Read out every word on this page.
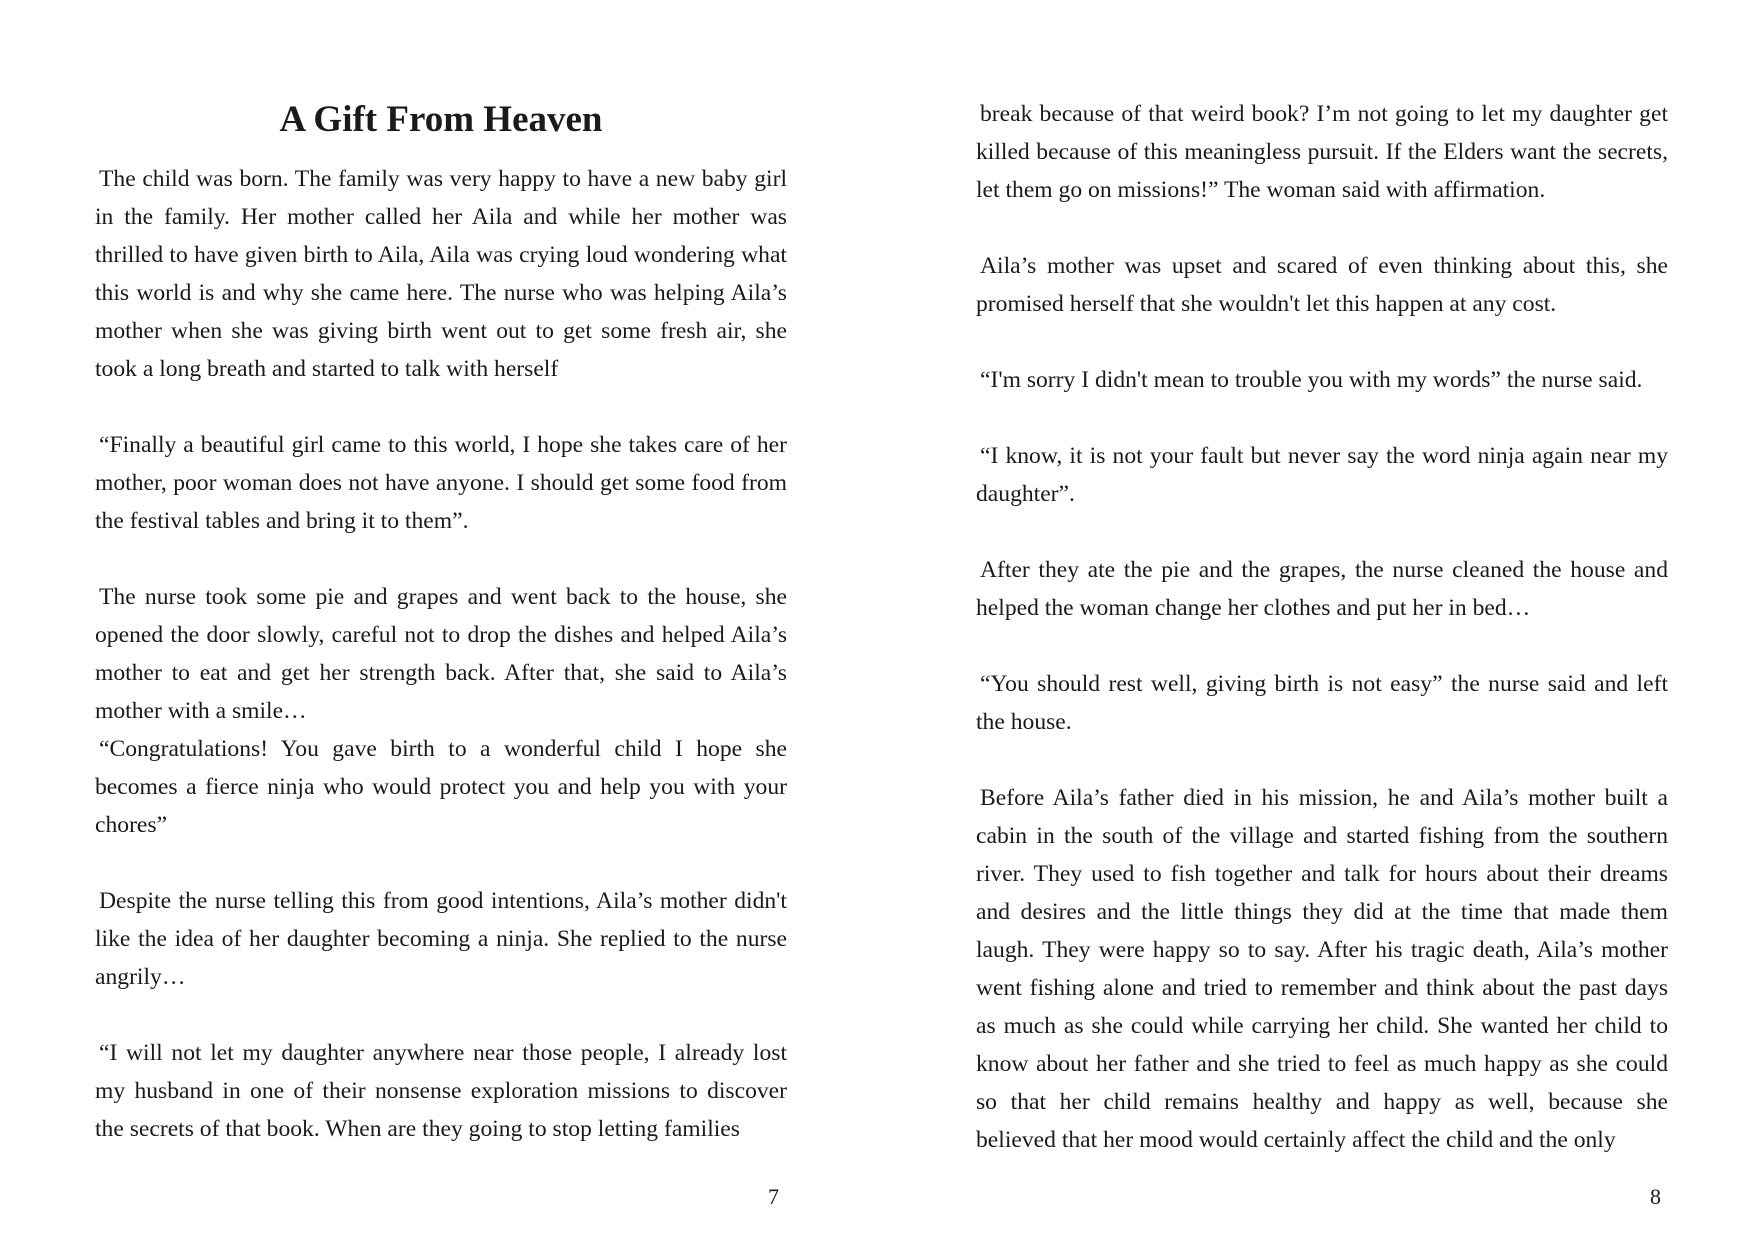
A Gift From Heaven

The child was born. The family was very happy to have a new baby girl in the family. Her mother called her Aila and while her mother was thrilled to have given birth to Aila, Aila was crying loud wondering what this world is and why she came here. The nurse who was helping Aila’s mother when she was giving birth went out to get some fresh air, she took a long breath and started to talk with herself

“Finally a beautiful girl came to this world, I hope she takes care of her mother, poor woman does not have anyone. I should get some food from the festival tables and bring it to them”.

The nurse took some pie and grapes and went back to the house, she opened the door slowly, careful not to drop the dishes and helped Aila’s mother to eat and get her strength back. After that, she said to Aila’s mother with a smile…

“Congratulations! You gave birth to a wonderful child I hope she becomes a fierce ninja who would protect you and help you with your chores”

Despite the nurse telling this from good intentions, Aila’s mother didn't like the idea of her daughter becoming a ninja. She replied to the nurse angrily…

“I will not let my daughter anywhere near those people, I already lost my husband in one of their nonsense exploration missions to discover the secrets of that book. When are they going to stop letting families

7

break because of that weird book? I’m not going to let my daughter get killed because of this meaningless pursuit. If the Elders want the secrets, let them go on missions!” The woman said with affirmation.

Aila’s mother was upset and scared of even thinking about this, she promised herself that she wouldn't let this happen at any cost.

“I'm sorry I didn't mean to trouble you with my words” the nurse said.

“I know, it is not your fault but never say the word ninja again near my daughter”.

After they ate the pie and the grapes, the nurse cleaned the house and helped the woman change her clothes and put her in bed…

“You should rest well, giving birth is not easy” the nurse said and left the house.

Before Aila’s father died in his mission, he and Aila’s mother built a cabin in the south of the village and started fishing from the southern river. They used to fish together and talk for hours about their dreams and desires and the little things they did at the time that made them laugh. They were happy so to say. After his tragic death, Aila’s mother went fishing alone and tried to remember and think about the past days as much as she could while carrying her child. She wanted her child to know about her father and she tried to feel as much happy as she could so that her child remains healthy and happy as well, because she believed that her mood would certainly affect the child and the only

8
